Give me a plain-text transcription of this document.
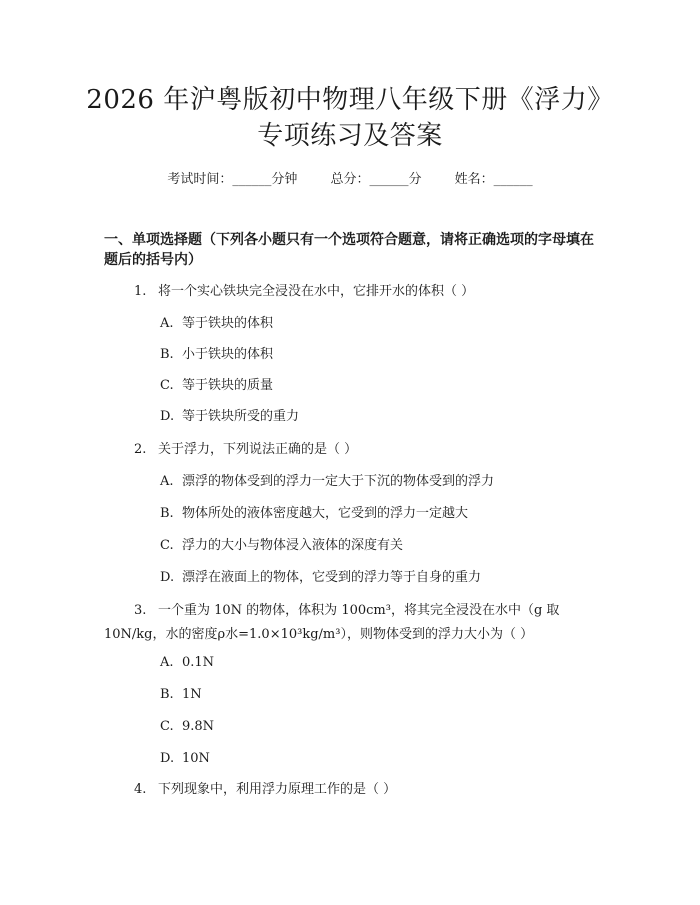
2026 年沪粤版初中物理八年级下册《浮力》
专项练习及答案
考试时间：______分钟	总分：______分	姓名：______
一、单项选择题（下列各小题只有一个选项符合题意，请将正确选项的字母填在题后的括号内）
1. 将一个实心铁块完全浸没在水中，它排开水的体积（ ）
A. 等于铁块的体积
B. 小于铁块的体积
C. 等于铁块的质量
D. 等于铁块所受的重力
2. 关于浮力，下列说法正确的是（ ）
A. 漂浮的物体受到的浮力一定大于下沉的物体受到的浮力
B. 物体所处的液体密度越大，它受到的浮力一定越大
C. 浮力的大小与物体浸入液体的深度有关
D. 漂浮在液面上的物体，它受到的浮力等于自身的重力
3. 一个重为 10N 的物体，体积为 100cm³，将其完全浸没在水中（g 取 10N/kg，水的密度ρ水=1.0×10³kg/m³），则物体受到的浮力大小为（ ）
A. 0.1N
B. 1N
C. 9.8N
D. 10N
4. 下列现象中，利用浮力原理工作的是（ ）
